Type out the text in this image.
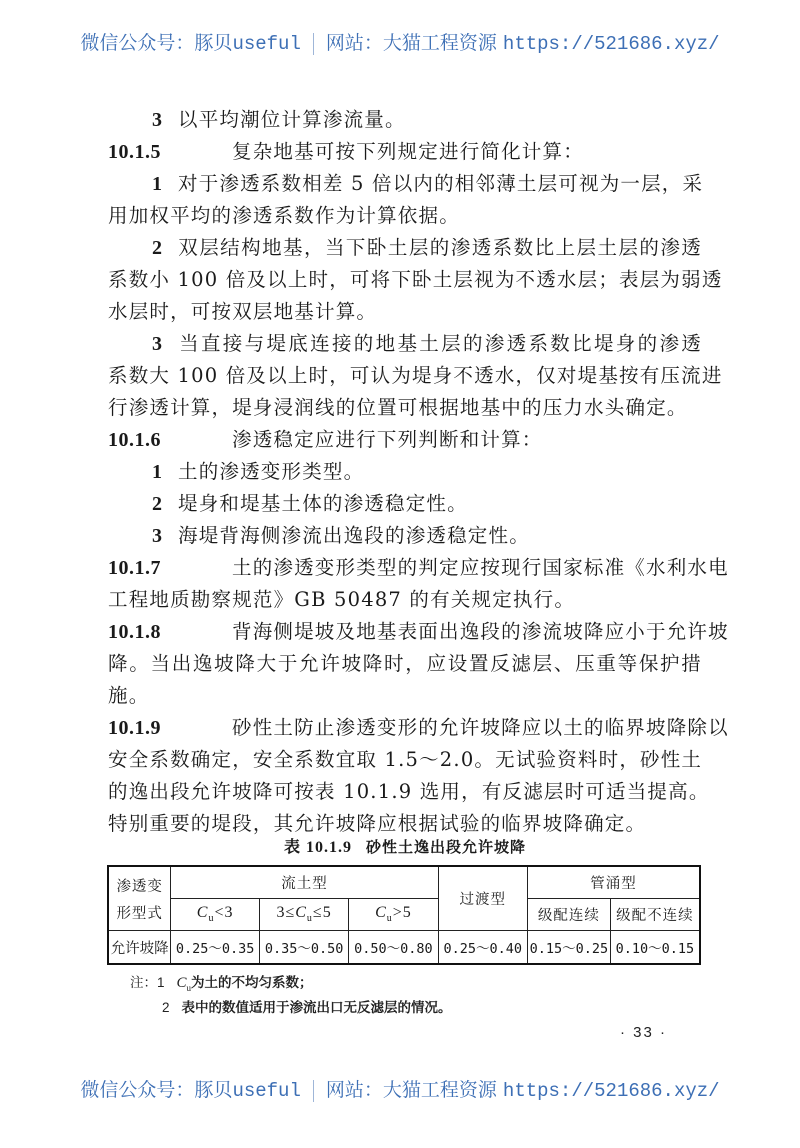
微信公众号：豚贝useful 网站：大猫工程资源 https://521686.xyz/
3 以平均潮位计算渗流量。
10.1.5	复杂地基可按下列规定进行简化计算：
1 对于渗透系数相差 5 倍以内的相邻薄土层可视为一层，采
用加权平均的渗透系数作为计算依据。
2 双层结构地基，当下卧土层的渗透系数比上层土层的渗透
系数小 100 倍及以上时，可将下卧土层视为不透水层；表层为弱透
水层时，可按双层地基计算。
3 当直接与堤底连接的地基土层的渗透系数比堤身的渗透
系数大 100 倍及以上时，可认为堤身不透水，仅对堤基按有压流进
行渗透计算，堤身浸润线的位置可根据地基中的压力水头确定。
10.1.6	渗透稳定应进行下列判断和计算：
1 土的渗透变形类型。
2 堤身和堤基土体的渗透稳定性。
3 海堤背海侧渗流出逸段的渗透稳定性。
10.1.7	土的渗透变形类型的判定应按现行国家标准《水利水电
工程地质勘察规范》GB 50487 的有关规定执行。
10.1.8	背海侧堤坡及地基表面出逸段的渗流坡降应小于允许坡
降。当出逸坡降大于允许坡降时，应设置反滤层、压重等保护措
施。
10.1.9	砂性土防止渗透变形的允许坡降应以土的临界坡降除以
安全系数确定，安全系数宜取 1.5～2.0。无试验资料时，砂性土
的逸出段允许坡降可按表 10.1.9 选用，有反滤层时可适当提高。
特别重要的堤段，其允许坡降应根据试验的临界坡降确定。
表 10.1.9 砂性土逸出段允许坡降
渗透变
形型式	流土型			过渡型	管涌型	
	$C_u<3$	$3\le C_u\le 5$	$C_u>5$		级配连续	级配不连续
允许坡降	0.25～0.35	0.35～0.50	0.50～0.80	0.25～0.40	0.15～0.25	0.10～0.15
注：1 $C_u$为土的不均匀系数；
2 表中的数值适用于渗流出口无反滤层的情况。
· 33 ·
微信公众号：豚贝useful 网站：大猫工程资源 https://521686.xyz/
